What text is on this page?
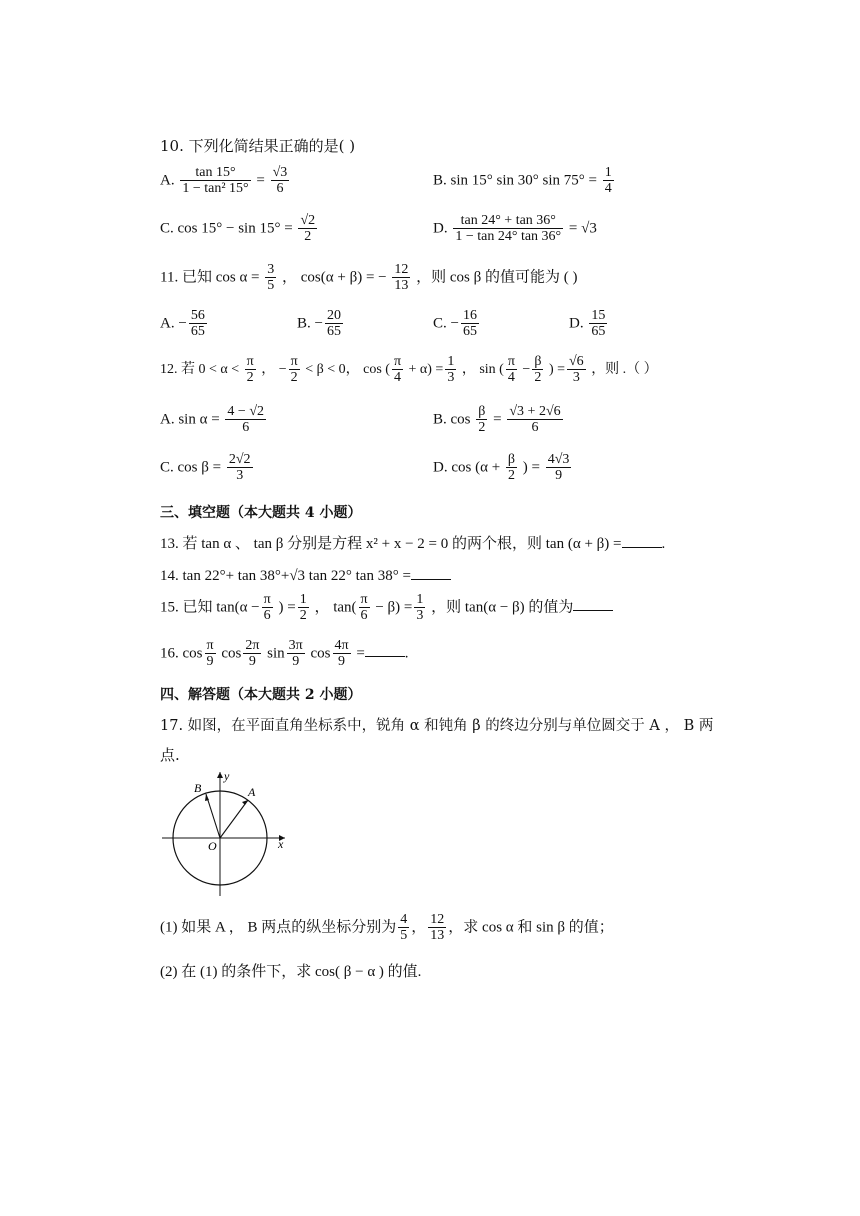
10. 下列化简结果正确的是( )
A. $\frac{\tan 15^\circ}{\text{1 − tan² 15°}} = \frac{√3}{6}$	B. sin 15° sin 30° $\sin 75^\circ = \frac{1}{4}$
C. $\cos 15^\circ - \sin 15^\circ = \frac{√2}{2}$	D. $\frac{\tan 24^\circ + \tan 36^\circ}{1 - \tan 24^\circ \tan 36^\circ} = √3$
11. 已知 $\cos \alpha = \frac{3}{5}$ ， cos(α + β) = − $\frac{12}{13}$ ，则 cos β 的值可能为 ( )
A. − $\frac{56}{65}$	B. − $\frac{20}{65}$	C. − $\frac{16}{65}$	D. $\frac{15}{65}$
12. 若 $0 < \alpha < \frac{\pi}{2}$ ， − $\frac{\pi}{2} < \beta < 0$， cos ( $\frac{\pi}{4} + \alpha) = \frac{1}{3}$ ， sin ( $\frac{\pi}{4} - \frac{\beta}{2}$ ) = $\frac{√6}{3}$ ，则 .（ ）
A. $\sin \alpha = \frac{4 - √2}{6}$	B. $\cos \frac{\beta}{2} = \frac{√3 + 2√6}{6}$
C. $\cos \beta = \frac{2√2}{3}$	D. $\cos (\alpha + \frac{\beta}{2}$ ) = $\frac{4√3}{9}$
三、填空题（本大题共 4 小题）
13. 若 tan α 、 tan β 分别是方程 x² + x − 2 = 0 的两个根，则 tan (α + β) =	.
14. tan 22°+ tan 38°+√3 tan 22° tan 38° =
15. 已知 $\tan(\alpha - \frac{\pi}{6}$ ) = $\frac{1}{2}$ ， $\tan( \frac{\pi}{6} - \beta) = \frac{1}{3}$ ，则 tan(α − β) 的值为
16. $\cos \frac{\pi}{9}$ $\cos \frac{2\pi}{9}$ $\sin \frac{3\pi}{9}$ $\cos \frac{4\pi}{9}$ =	.
四、解答题（本大题共 2 小题）
17. 如图，在平面直角坐标系中，锐角 α 和钝角 β 的终边分别与单位圆交于 A ， B 两
点.
y
x
O
A
B
(1) 如果 A ， B 两点的纵坐标分别为 $\frac{4}{5}$ ， $\frac{12}{13}$ ，求 cos α 和 sin β 的值；
(2) 在 (1) 的条件下，求 cos( β − α ) 的值.
